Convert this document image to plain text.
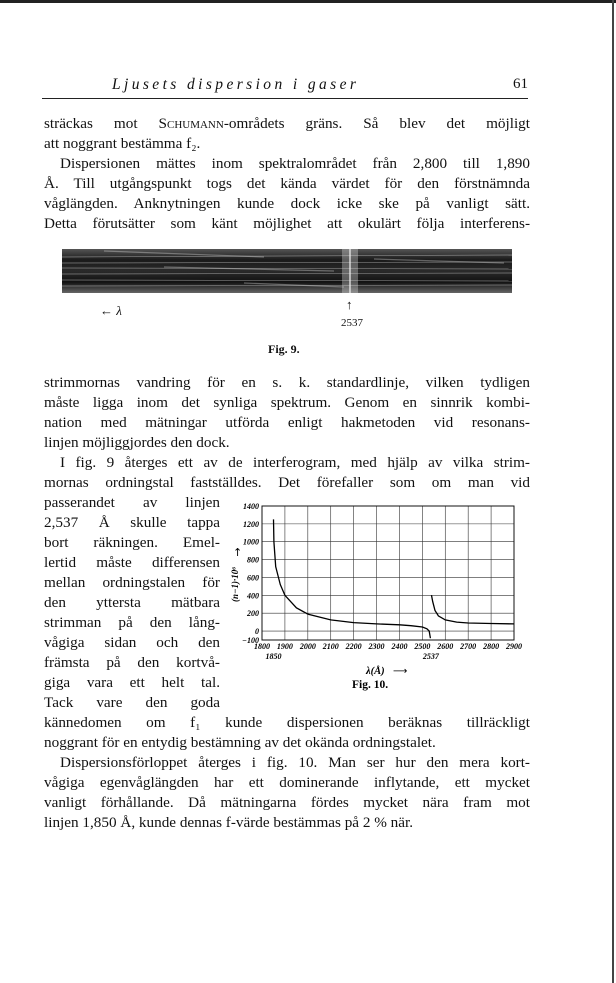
Ljusets dispersion i gaser	61
sträckas mot Schumann-områdets gräns. Så blev det möjligt
att noggrant bestämma f₂.
Dispersionen mättes inom spektralområdet från 2,800 till 1,890
Å. Till utgångspunkt togs det kända värdet för den förstnämnda
våglängden. Anknytningen kunde dock icke ske på vanligt sätt.
Detta förutsätter som känt möjlighet att okulärt följa interferens-
← λ	↑
2537
Fig. 9.
strimmornas vandring för en s. k. standardlinje, vilken tydligen
måste ligga inom det synliga spektrum. Genom en sinnrik kombi-
nation med mätningar utförda enligt hakmetoden vid resonans-
linjen möjliggjordes den dock.
I fig. 9 återges ett av de interferogram, med hjälp av vilka strim-
mornas ordningstal fastställdes. Det förefaller som om man vid
passerandet av linjen
2,537 Å skulle tappa
bort räkningen. Emel-
lertid måste differensen
mellan ordningstalen för
den yttersta mätbara
strimman på den lång-
vågiga sidan och den
främsta på den kortvå-
giga vara ett helt tal.
Tack vare den goda
1400
1200
1000
800
600
400
200
0
−100
1800 1900 2000 2100 2200 2300 2400 2500 2600 2700 2800 2900
1850	2537
λ(Å) ⟶
(n−1)·10⁶
↑
Fig. 10.
kännedomen om f₁ kunde dispersionen beräknas tillräckligt
noggrant för en entydig bestämning av det okända ordningstalet.
Dispersionsförloppet återges i fig. 10. Man ser hur den mera kort-
vågiga egenvåglängden har ett dominerande inflytande, ett mycket
vanligt förhållande. Då mätningarna fördes mycket nära fram mot
linjen 1,850 Å, kunde dennas f-värde bestämmas på 2 % när.
